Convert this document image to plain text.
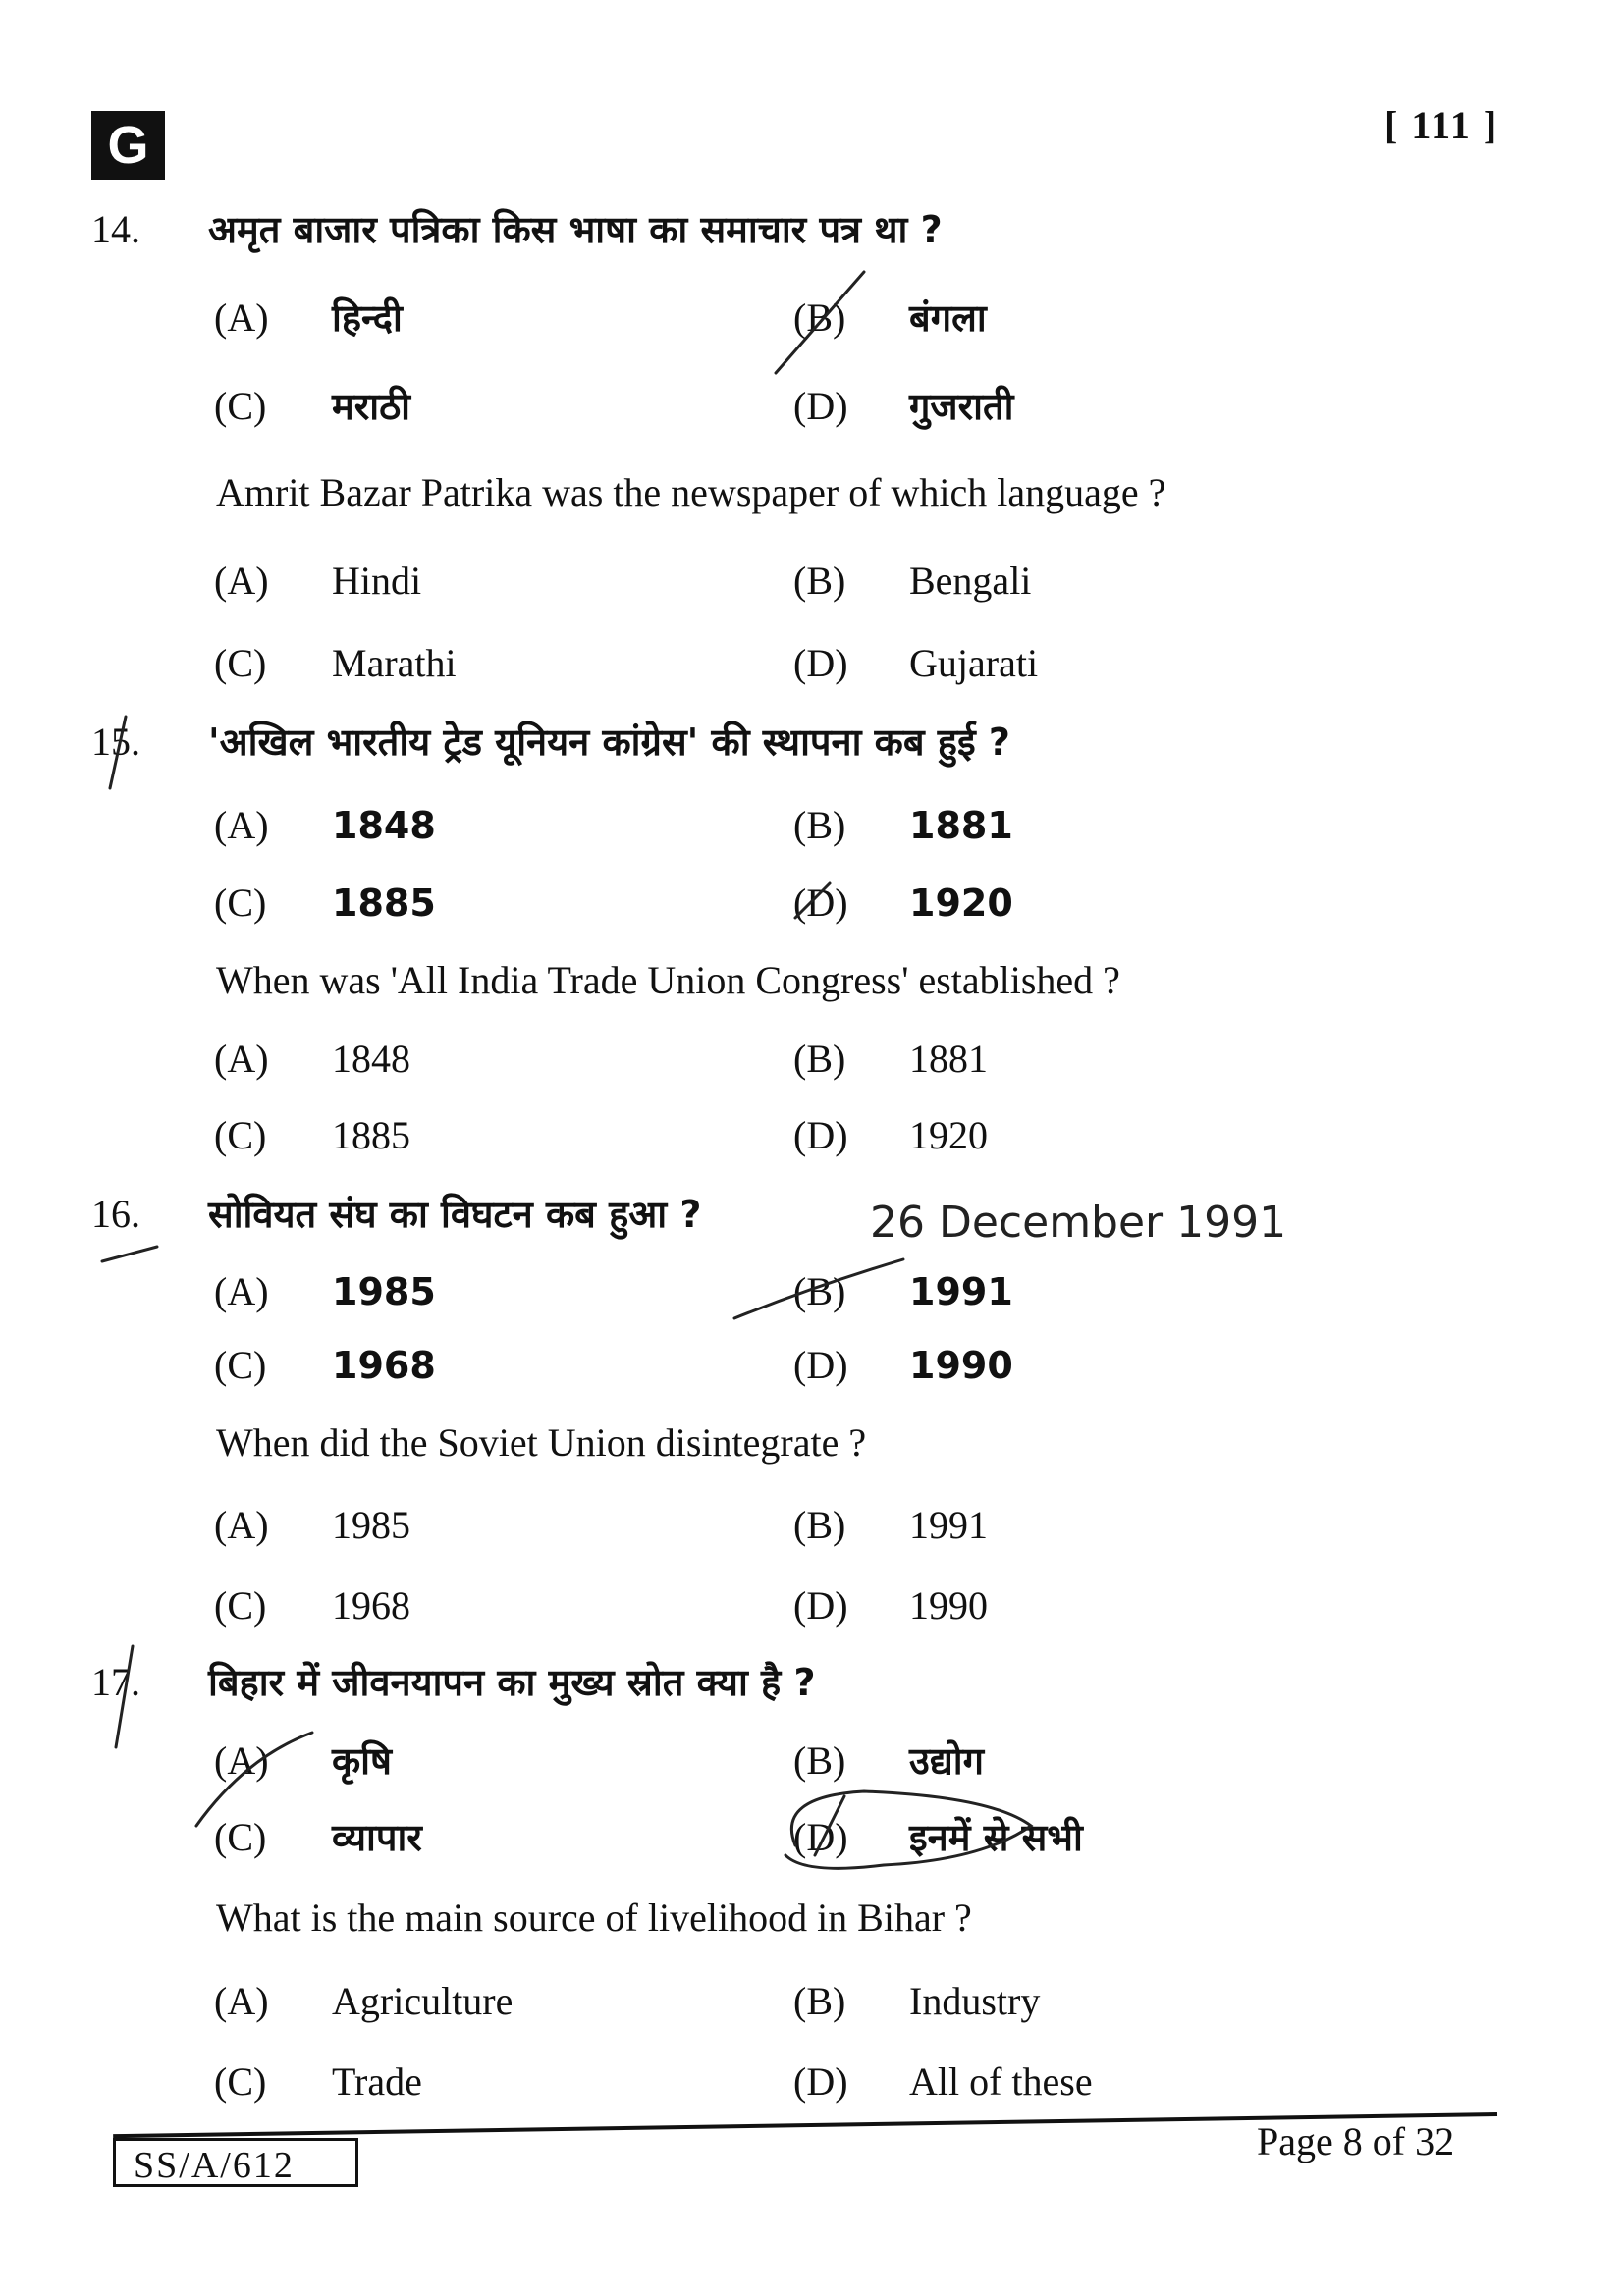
G	[ 111 ]
14. अमृत बाजार पत्रिका किस भाषा का समाचार पत्र था ?
(A) हिन्दी	(B) बंगला
(C) मराठी	(D) गुजराती
Amrit Bazar Patrika was the newspaper of which language ?
(A) Hindi	(B) Bengali
(C) Marathi	(D) Gujarati
15. 'अखिल भारतीय ट्रेड यूनियन कांग्रेस' की स्थापना कब हुई ?
(A) 1848	(B) 1881
(C) 1885	(D) 1920
When was 'All India Trade Union Congress' established ?
(A) 1848	(B) 1881
(C) 1885	(D) 1920
16. सोवियत संघ का विघटन कब हुआ ?
(A) 1985	(B) 1991
(C) 1968	(D) 1990
When did the Soviet Union disintegrate ?
(A) 1985	(B) 1991
(C) 1968	(D) 1990
17. बिहार में जीवनयापन का मुख्य स्रोत क्या है ?
(A) कृषि	(B) उद्योग
(C) व्यापार	(D) इनमें से सभी
What is the main source of livelihood in Bihar ?
(A) Agriculture	(B) Industry
(C) Trade	(D) All of these
26 December 1991
SS/A/612
Page 8 of 32
